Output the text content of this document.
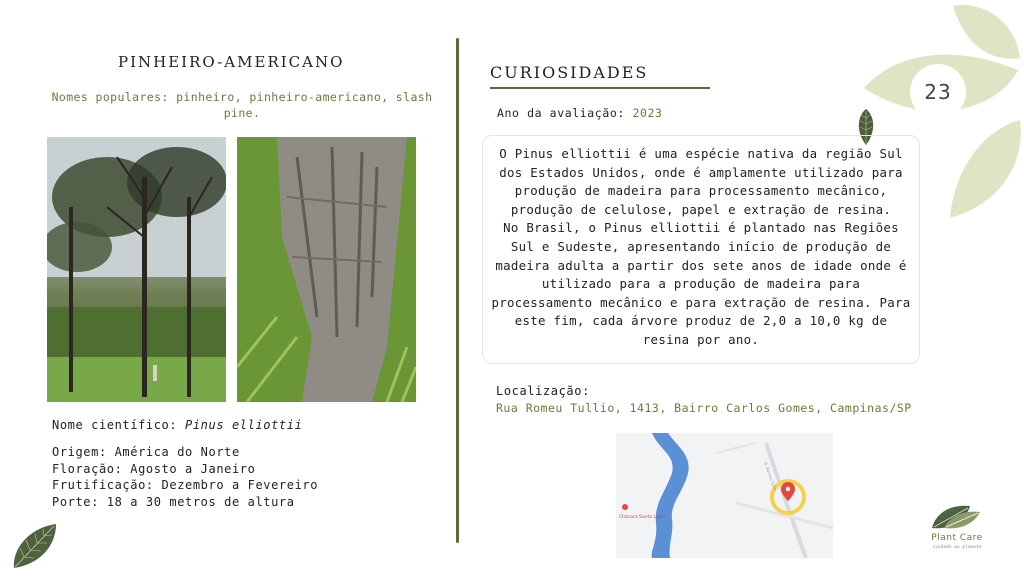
23
PINHEIRO-AMERICANO
Nomes populares: pinheiro, pinheiro-americano, slash pine.
Nome científico: Pinus elliottii
Origem: América do Norte
Floração: Agosto a Janeiro
Frutificação: Dezembro a Fevereiro
Porte: 18 a 30 metros de altura
CURIOSIDADES
Ano da avaliação: 2023

O Pinus elliottii é uma espécie nativa da região Sul dos Estados Unidos, onde é amplamente utilizado para produção de madeira para processamento mecânico, produção de celulose, papel e extração de resina.

No Brasil, o Pinus elliottii é plantado nas Regiões Sul e Sudeste, apresentando início de produção de madeira adulta a partir dos sete anos de idade onde é utilizado para a produção de madeira para processamento mecânico e para extração de resina. Para este fim, cada árvore produz de 2,0 a 10,0 kg de resina por ano.

Localização:
Rua Romeu Tullio, 1413, Bairro Carlos Gomes, Campinas/SP
Chácara Santa Lucia
R. Romeu Tullio
Plant Care
cuidado ao planeta
